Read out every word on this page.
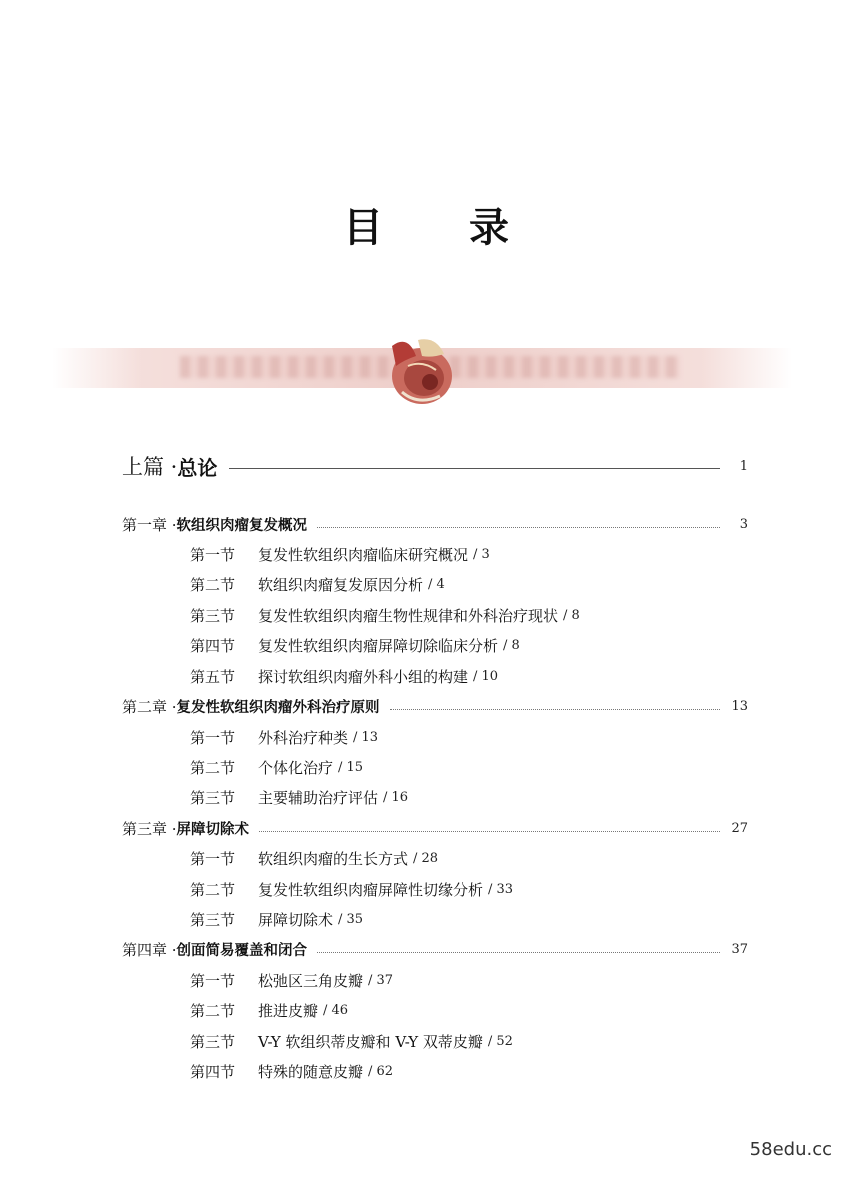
目 录
上篇 · 总论	1
第一章 · 软组织肉瘤复发概况	3
第一节	复发性软组织肉瘤临床研究概况 / 3
第二节	软组织肉瘤复发原因分析 / 4
第三节	复发性软组织肉瘤生物性规律和外科治疗现状 / 8
第四节	复发性软组织肉瘤屏障切除临床分析 / 8
第五节	探讨软组织肉瘤外科小组的构建 / 10
第二章 · 复发性软组织肉瘤外科治疗原则	13
第一节	外科治疗种类 / 13
第二节	个体化治疗 / 15
第三节	主要辅助治疗评估 / 16
第三章 · 屏障切除术	27
第一节	软组织肉瘤的生长方式 / 28
第二节	复发性软组织肉瘤屏障性切缘分析 / 33
第三节	屏障切除术 / 35
第四章 · 创面简易覆盖和闭合	37
第一节	松弛区三角皮瓣 / 37
第二节	推进皮瓣 / 46
第三节	V-Y 软组织蒂皮瓣和 V-Y 双蒂皮瓣 / 52
第四节	特殊的随意皮瓣 / 62
58edu.cc
